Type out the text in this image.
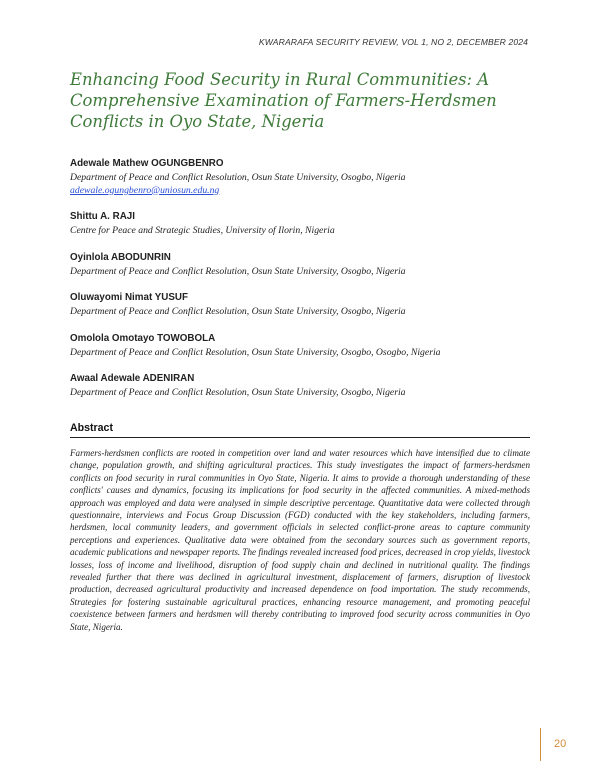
KWARARAFA SECURITY REVIEW, VOL 1, NO 2, DECEMBER 2024
Enhancing Food Security in Rural Communities: A Comprehensive Examination of Farmers-Herdsmen Conflicts in Oyo State, Nigeria
Adewale Mathew OGUNGBENRO
Department of Peace and Conflict Resolution, Osun State University, Osogbo, Nigeria
adewale.ogungbenro@uniosun.edu.ng
Shittu A. RAJI
Centre for Peace and Strategic Studies, University of Ilorin, Nigeria
Oyinlola ABODUNRIN
Department of Peace and Conflict Resolution, Osun State University, Osogbo, Nigeria
Oluwayomi Nimat YUSUF
Department of Peace and Conflict Resolution, Osun State University, Osogbo, Nigeria
Omolola Omotayo TOWOBOLA
Department of Peace and Conflict Resolution, Osun State University, Osogbo, Osogbo, Nigeria
Awaal Adewale ADENIRAN
Department of Peace and Conflict Resolution, Osun State University, Osogbo, Nigeria
Abstract

Farmers-herdsmen conflicts are rooted in competition over land and water resources which have intensified due to climate change, population growth, and shifting agricultural practices. This study investigates the impact of farmers-herdsmen conflicts on food security in rural communities in Oyo State, Nigeria. It aims to provide a thorough understanding of these conflicts' causes and dynamics, focusing its implications for food security in the affected communities. A mixed-methods approach was employed and data were analysed in simple descriptive percentage. Quantitative data were collected through questionnaire, interviews and Focus Group Discussion (FGD) conducted with the key stakeholders, including farmers, herdsmen, local community leaders, and government officials in selected conflict-prone areas to capture community perceptions and experiences. Qualitative data were obtained from the secondary sources such as government reports, academic publications and newspaper reports. The findings revealed increased food prices, decreased in crop yields, livestock losses, loss of income and livelihood, disruption of food supply chain and declined in nutritional quality. The findings revealed further that there was declined in agricultural investment, displacement of farmers, disruption of livestock production, decreased agricultural productivity and increased dependence on food importation. The study recommends, Strategies for fostering sustainable agricultural practices, enhancing resource management, and promoting peaceful coexistence between farmers and herdsmen will thereby contributing to improved food security across communities in Oyo State, Nigeria.

20
